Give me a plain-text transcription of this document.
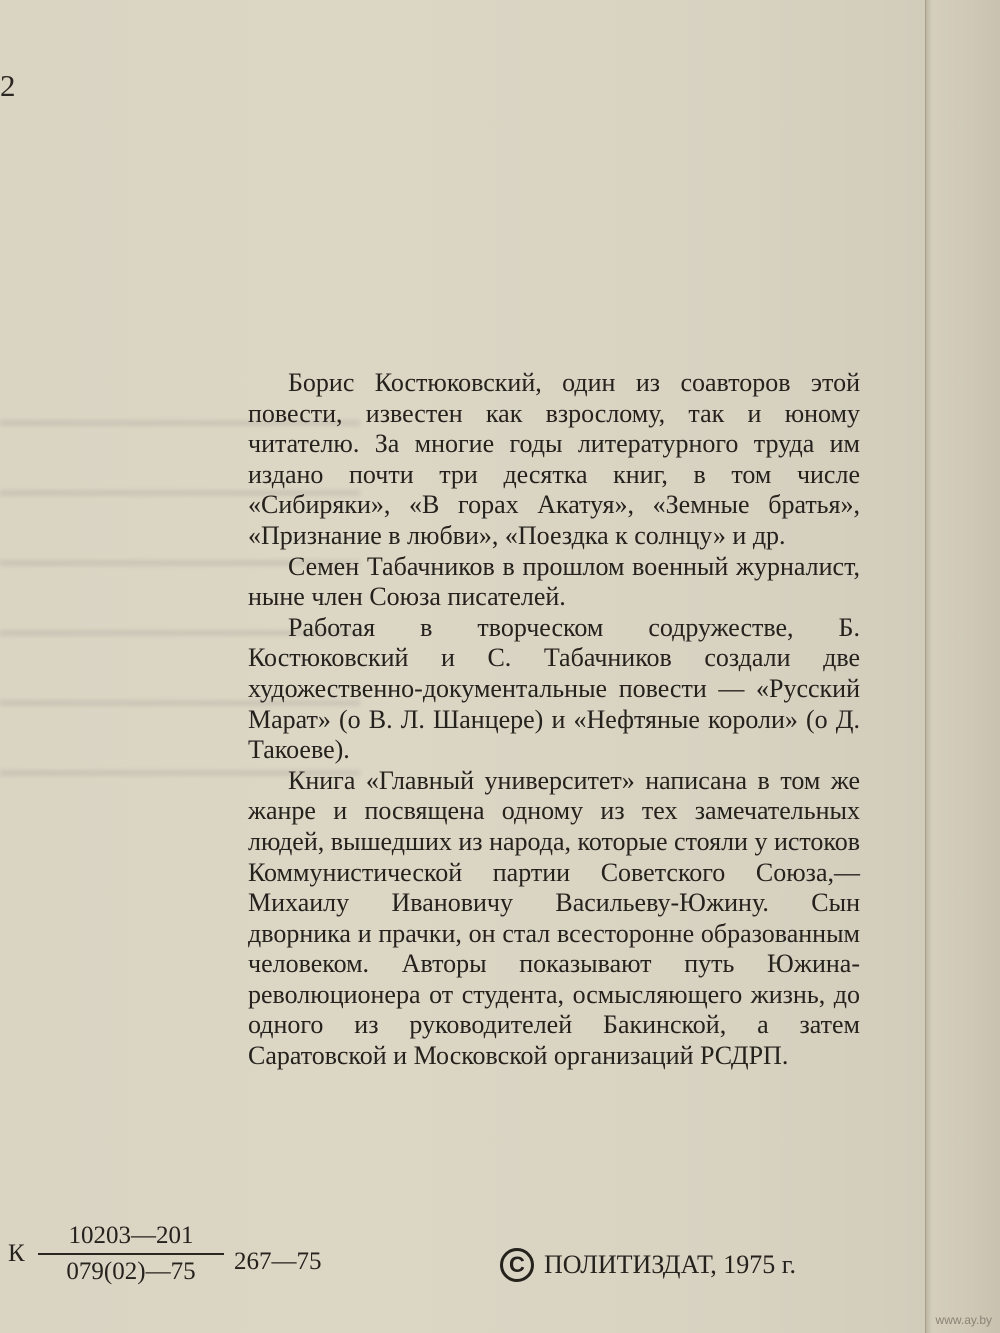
2

Борис Костюковский, один из соавторов этой повести, известен как взрослому, так и юному читателю. За многие годы литературного труда им издано почти три десятка книг, в том числе «Сибиряки», «В горах Акатуя», «Земные братья», «Признание в любви», «Поездка к солнцу» и др.

Семен Табачников в прошлом военный журналист, ныне член Союза писателей.

Работая в творческом содружестве, Б. Костюковский и С. Табачников создали две художественно-документальные повести — «Русский Марат» (о В. Л. Шанцере) и «Нефтяные короли» (о Д. Такоеве).

Книга «Главный университет» написана в том же жанре и посвящена одному из тех замечательных людей, вышедших из народа, которые стояли у истоков Коммунистической партии Советского Союза,— Михаилу Ивановичу Васильеву-Южину. Сын дворника и прачки, он стал всесторонне образованным человеком. Авторы показывают путь Южина-революционера от студента, осмысляющего жизнь, до одного из руководителей Бакинской, а затем Саратовской и Московской организаций РСДРП.

К
10203—201
079(02)—75	267—75	C ПОЛИТИЗДАТ, 1975 г.
www.ay.by
